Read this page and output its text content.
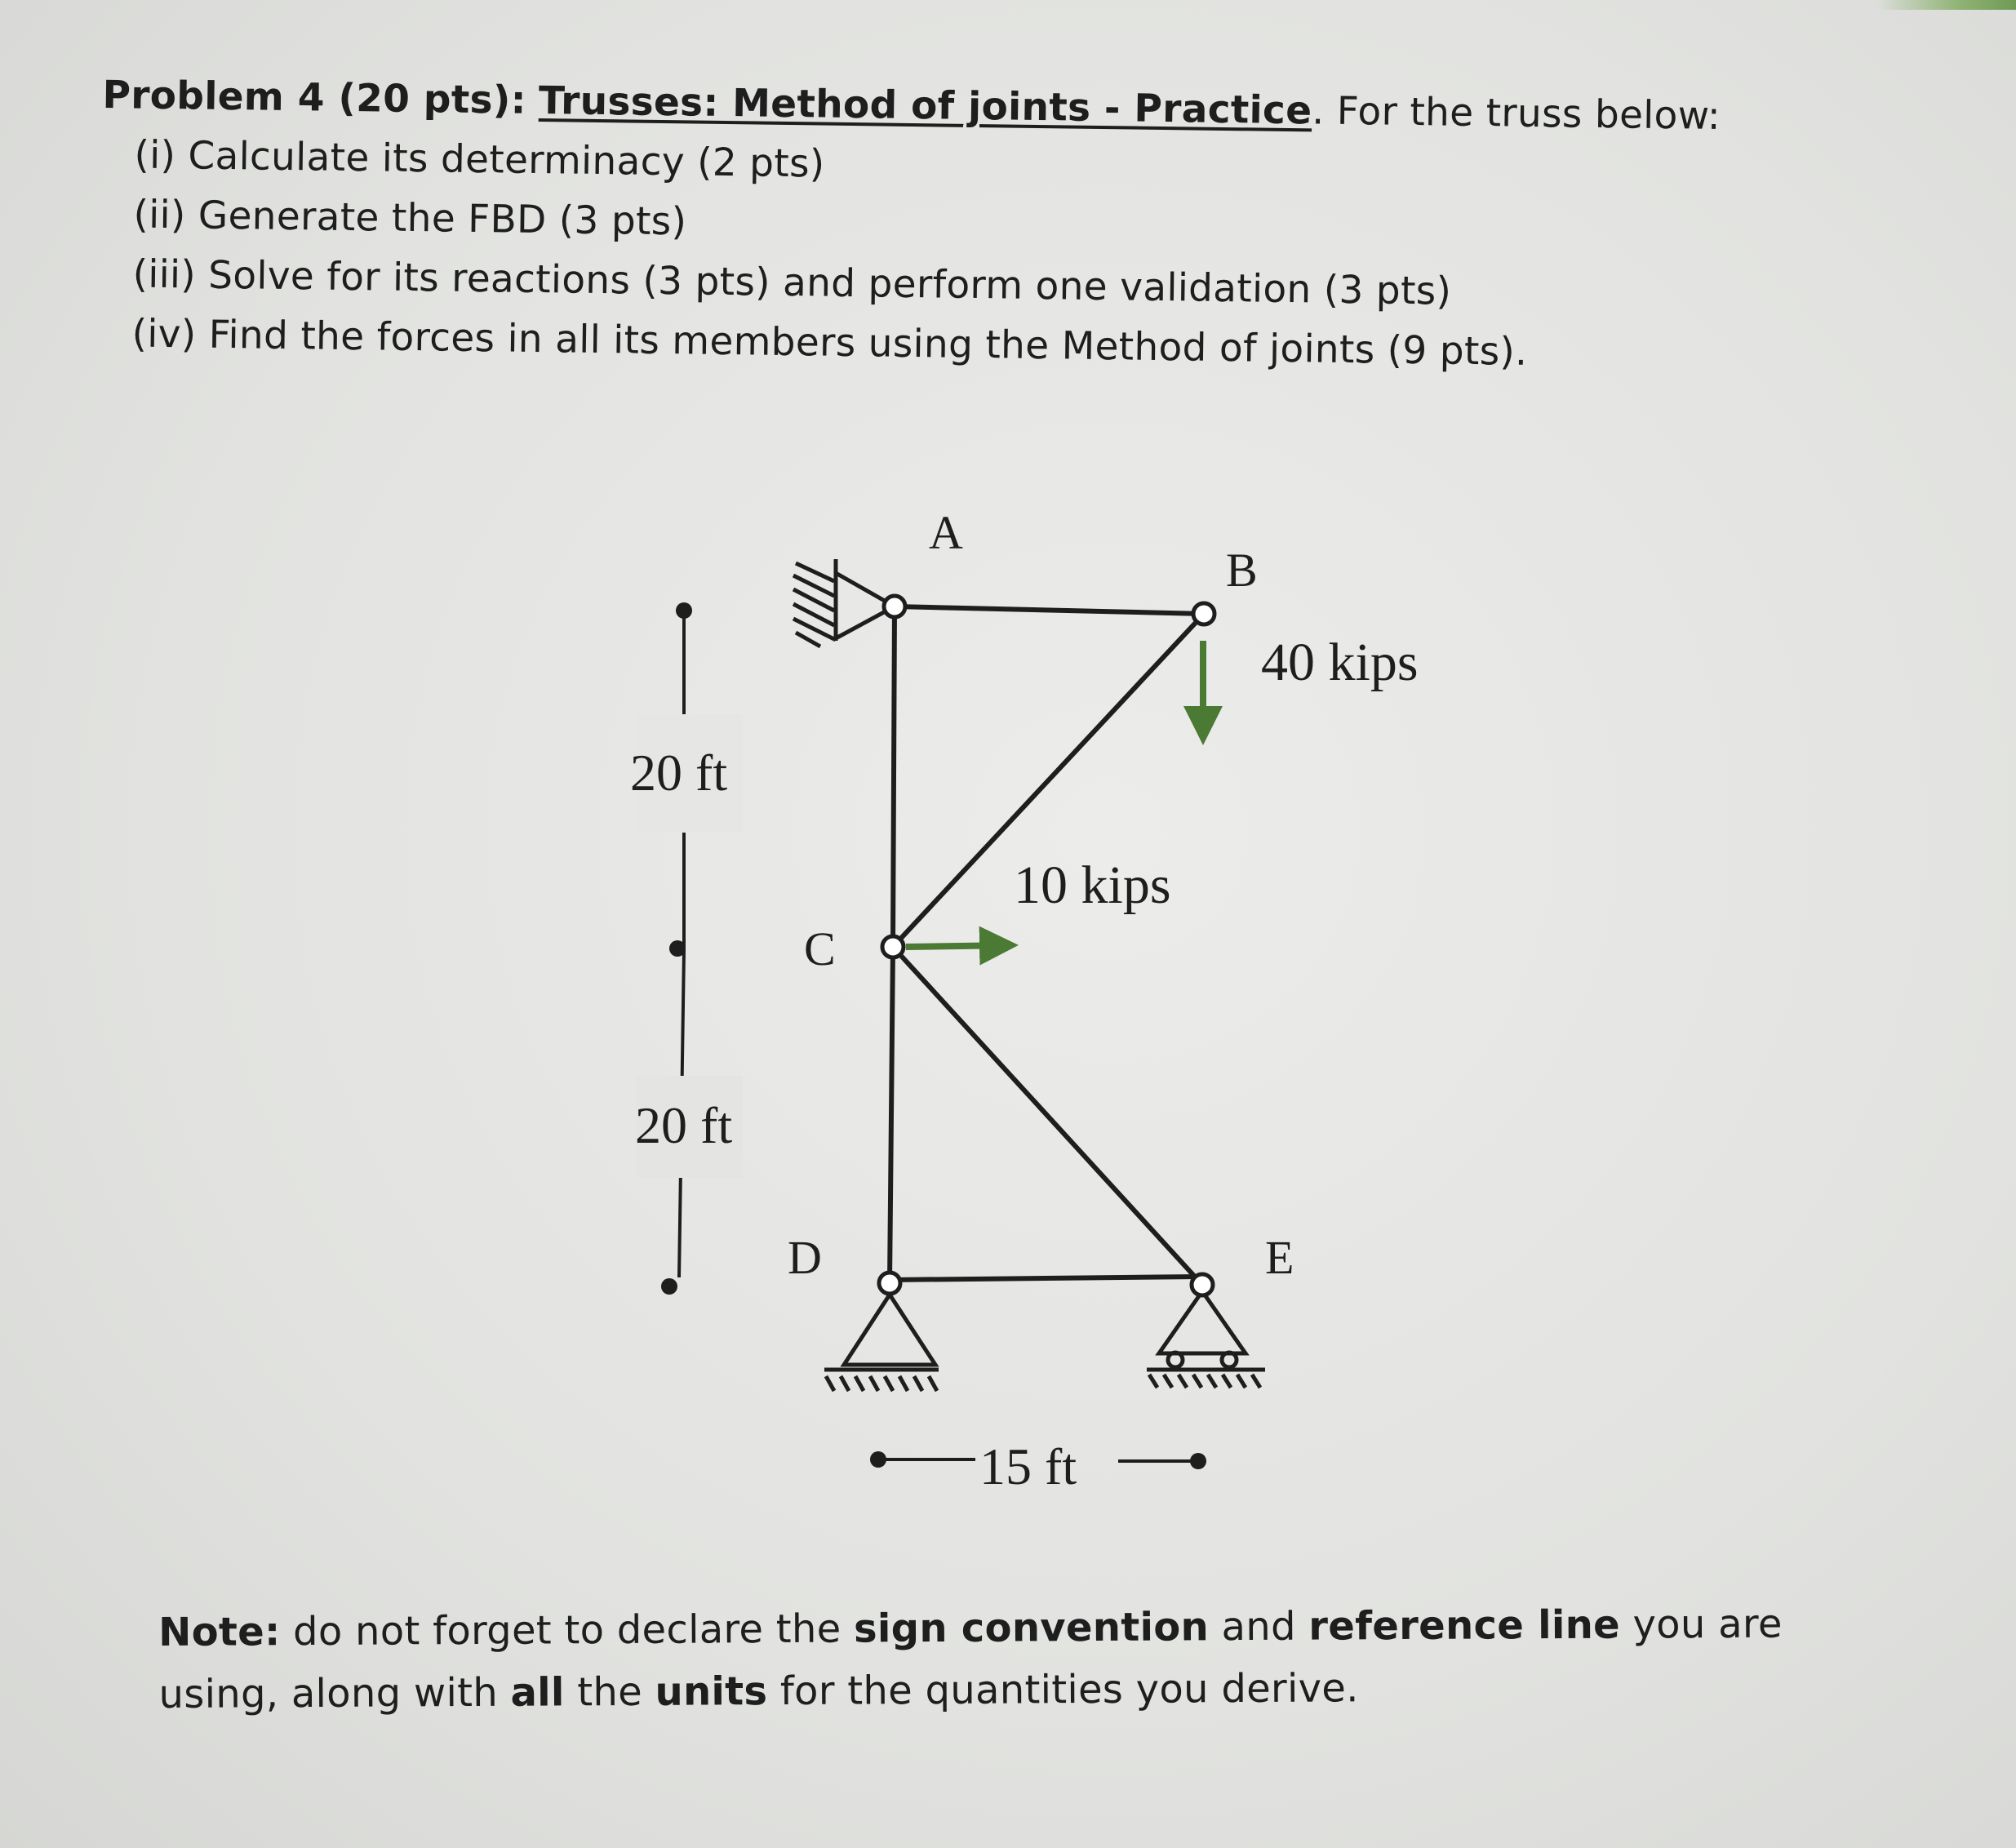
Problem 4 (20 pts): Trusses: Method of joints - Practice. For the truss below:
(i) Calculate its determinacy (2 pts)
(ii) Generate the FBD (3 pts)
(iii) Solve for its reactions (3 pts) and perform one validation (3 pts)
(iv) Find the forces in all its members using the Method of joints (9 pts).
A
B
C
D	E
40 kips
10 kips
20 ft
20 ft
15 ft
Note: do not forget to declare the sign convention and reference line you are using, along with all the units for the quantities you derive.
